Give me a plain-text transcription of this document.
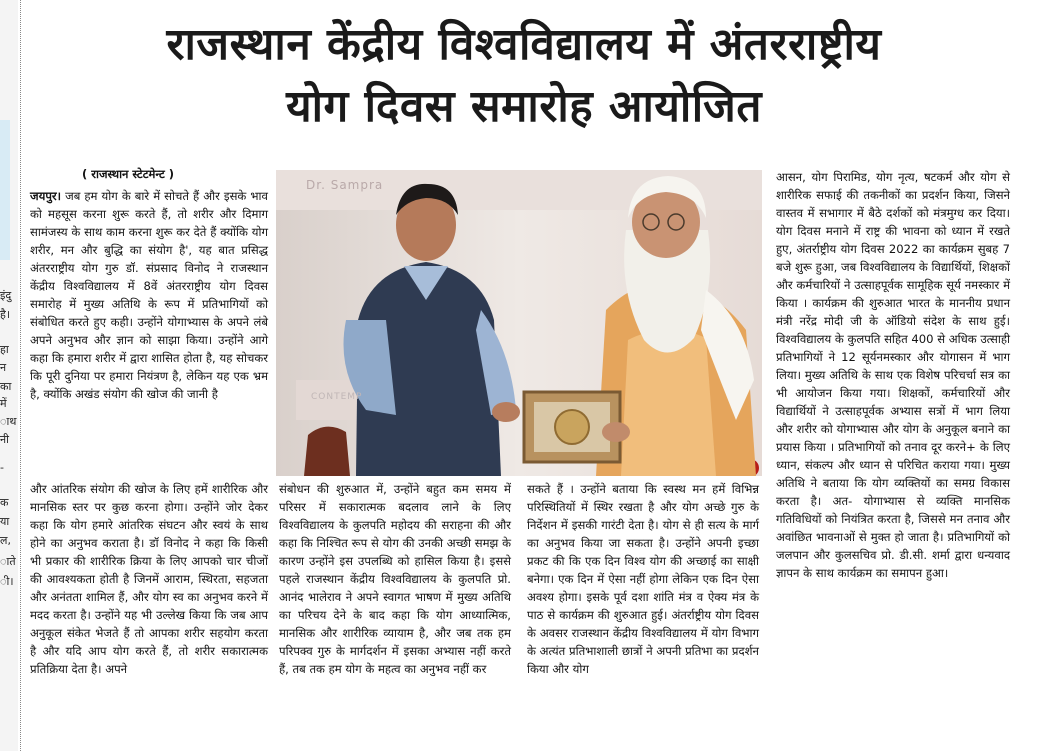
इंदु
है।
हा
न
का
में
ाथ
नी
-
क
या
ल,
ाते
ी।
राजस्थान केंद्रीय विश्वविद्यालय में अंतरराष्ट्रीय
योग दिवस समारोह आयोजित
( राजस्थान स्टेटमेन्ट )

जयपुर। जब हम योग के बारे में सोचते हैं और इसके भाव को महसूस करना शुरू करते हैं, तो शरीर और दिमाग सामंजस्य के साथ काम करना शुरू कर देते हैं क्योंकि योग शरीर, मन और बुद्धि का संयोग है', यह बात प्रसिद्ध अंतरराष्ट्रीय योग गुरु डॉ. संप्रसाद विनोद ने राजस्थान केंद्रीय विश्वविद्यालय में 8वें अंतरराष्ट्रीय योग दिवस समारोह में मुख्य अतिथि के रूप में प्रतिभागियों को संबोधित करते हुए कही। उन्होंने योगाभ्यास के अपने लंबे अपने अनुभव और ज्ञान को साझा किया। उन्होंने आगे कहा कि हमारा शरीर में द्वारा शासित होता है, यह सोचकर कि पूरी दुनिया पर हमारा नियंत्रण है, लेकिन यह एक भ्रम है, क्योंकि अखंड संयोग की खोज की जानी है

और आंतरिक संयोग की खोज के लिए हमें शारीरिक और मानसिक स्तर पर कुछ करना होगा। उन्होंने जोर देकर कहा कि योग हमारे आंतरिक संघटन और स्वयं के साथ होने का अनुभव कराता है। डॉ विनोद ने कहा कि किसी भी प्रकार की शारीरिक क्रिया के लिए आपको चार चीजों की आवश्यकता होती है जिनमें आराम, स्थिरता, सहजता और अनंतता शामिल हैं, और योग स्व का अनुभव करने में मदद करता है। उन्होंने यह भी उल्लेख किया कि जब आप अनुकूल संकेत भेजते हैं तो आपका शरीर सहयोग करता है और यदि आप योग करते हैं, तो शरीर सकारात्मक प्रतिक्रिया देता है। अपने

Dr. Sampra
CONTEMP

संबोधन की शुरुआत में, उन्होंने बहुत कम समय में परिसर में सकारात्मक बदलाव लाने के लिए विश्वविद्यालय के कुलपति महोदय की सराहना की और कहा कि निश्चित रूप से योग की उनकी अच्छी समझ के कारण उन्होंने इस उपलब्धि को हासिल किया है। इससे पहले राजस्थान केंद्रीय विश्वविद्यालय के कुलपति प्रो. आनंद भालेराव ने अपने स्वागत भाषण में मुख्य अतिथि का परिचय देने के बाद कहा कि योग आध्यात्मिक, मानसिक और शारीरिक व्यायाम है, और जब तक हम परिपक्व गुरु के मार्गदर्शन में इसका अभ्यास नहीं करते हैं, तब तक हम योग के महत्व का अनुभव नहीं कर

सकते हैं । उन्होंने बताया कि स्वस्थ मन हमें विभिन्न परिस्थितियों में स्थिर रखता है और योग अच्छे गुरु के निर्देशन में इसकी गारंटी देता है। योग से ही सत्य के मार्ग का अनुभव किया जा सकता है। उन्होंने अपनी इच्छा प्रकट की कि एक दिन विश्व योग की अच्छाई का साक्षी बनेगा। एक दिन में ऐसा नहीं होगा लेकिन एक दिन ऐसा अवश्य होगा। इसके पूर्व दशा शांति मंत्र व ऐक्य मंत्र के पाठ से कार्यक्रम की शुरुआत हुई। अंतर्राष्ट्रीय योग दिवस के अवसर राजस्थान केंद्रीय विश्वविद्यालय में योग विभाग के अत्यंत प्रतिभाशाली छात्रों ने अपनी प्रतिभा का प्रदर्शन किया और योग

आसन, योग पिरामिड, योग नृत्य, षटकर्म और योग से शारीरिक सफाई की तकनीकों का प्रदर्शन किया, जिसने वास्तव में सभागार में बैठे दर्शकों को मंत्रमुग्ध कर दिया। योग दिवस मनाने में राष्ट्र की भावना को ध्यान में रखते हुए, अंतर्राष्ट्रीय योग दिवस 2022 का कार्यक्रम सुबह 7 बजे शुरू हुआ, जब विश्वविद्यालय के विद्यार्थियों, शिक्षकों और कर्मचारियों ने उत्साहपूर्वक सामूहिक सूर्य नमस्कार में किया । कार्यक्रम की शुरुआत भारत के माननीय प्रधान मंत्री नरेंद्र मोदी जी के ऑडियो संदेश के साथ हुई। विश्वविद्यालय के कुलपति सहित 400 से अधिक उत्साही प्रतिभागियों ने 12 सूर्यनमस्कार और योगासन में भाग लिया। मुख्य अतिथि के साथ एक विशेष परिचर्चा सत्र का भी आयोजन किया गया। शिक्षकों, कर्मचारियों और विद्यार्थियों ने उत्साहपूर्वक अभ्यास सत्रों में भाग लिया और शरीर को योगाभ्यास और योग के अनुकूल बनाने का प्रयास किया । प्रतिभागियों को तनाव दूर करने+ के लिए ध्यान, संकल्प और ध्यान से परिचित कराया गया। मुख्य अतिथि ने बताया कि योग व्यक्तियों का समग्र विकास करता है। अत- योगाभ्यास से व्यक्ति मानसिक गतिविधियों को नियंत्रित करता है, जिससे मन तनाव और अवांछित भावनाओं से मुक्त हो जाता है। प्रतिभागियों को जलपान और कुलसचिव प्रो. डी.सी. शर्मा द्वारा धन्यवाद ज्ञापन के साथ कार्यक्रम का समापन हुआ।
